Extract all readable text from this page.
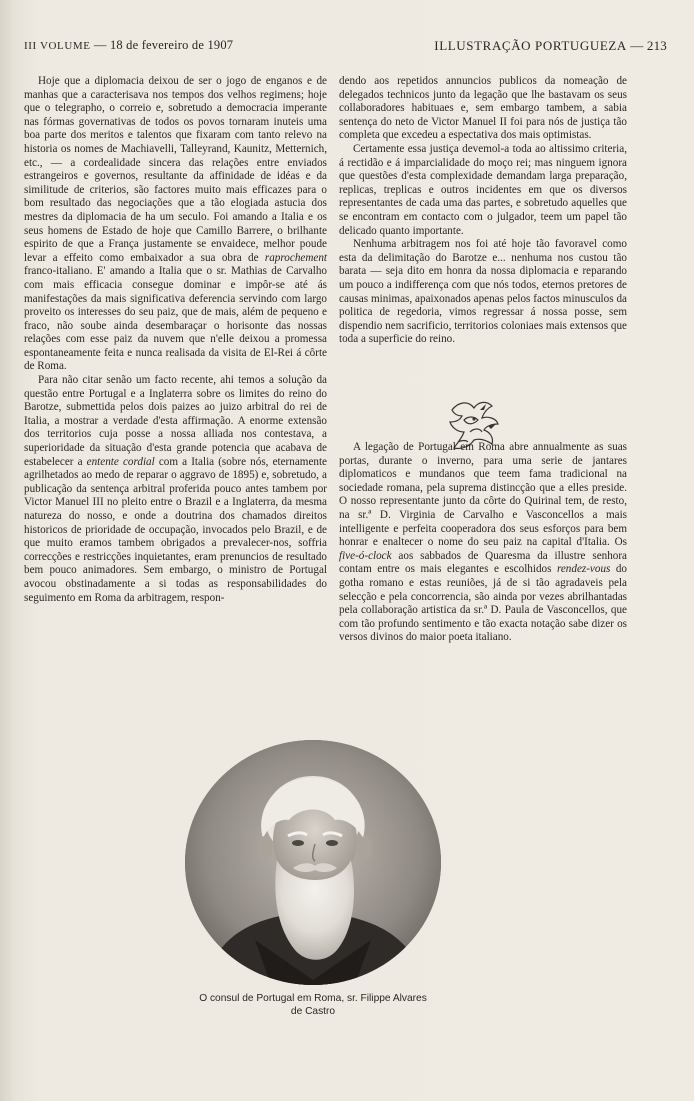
III VOLUME — 18 de fevereiro de 1907	ILLUSTRAÇÃO PORTUGUEZA — 213

Hoje que a diplomacia deixou de ser o jogo de enganos e de manhas que a caracterisava nos tempos dos velhos regimens; hoje que o telegrapho, o correio e, sobretudo a democracia imperante nas fórmas governativas de todos os povos tornaram inuteis uma boa parte dos meritos e talentos que fixaram com tanto relevo na historia os nomes de Machiavelli, Talleyrand, Kaunitz, Metternich, etc., — a cordealidade sincera das relações entre enviados estrangeiros e governos, resultante da affinidade de idéas e da similitude de criterios, são factores muito mais efficazes para o bom resultado das negociações que a tão elogiada astucia dos mestres da diplomacia de ha um seculo. Foi amando a Italia e os seus homens de Estado de hoje que Camillo Barrere, o brilhante espirito de que a França justamente se envaidece, melhor poude levar a effeito como embaixador a sua obra de raprochement franco-italiano. E' amando a Italia que o sr. Mathias de Carvalho com mais efficacia consegue dominar e impôr-se até ás manifestações da mais significativa deferencia servindo com largo proveito os interesses do seu paiz, que de mais, além de pequeno e fraco, não soube ainda desembaraçar o horisonte das nossas relações com esse paiz da nuvem que n'elle deixou a promessa espontaneamente feita e nunca realisada da visita de El-Rei á côrte de Roma.

Para não citar senão um facto recente, ahi temos a solução da questão entre Portugal e a Inglaterra sobre os limites do reino do Barotze, submettida pelos dois paizes ao juizo arbitral do rei de Italia, a mostrar a verdade d'esta affirmação. A enorme extensão dos territorios cuja posse a nossa alliada nos contestava, a superioridade da situação d'esta grande potencia que acabava de estabelecer a entente cordial com a Italia (sobre nós, eternamente agrilhetados ao medo de reparar o aggravo de 1895) e, sobretudo, a publicação da sentença arbitral proferida pouco antes tambem por Victor Manuel III no pleito entre o Brazil e a Inglaterra, da mesma natureza do nosso, e onde a doutrina dos chamados direitos historicos de prioridade de occupação, invocados pelo Brazil, e de que muito eramos tambem obrigados a prevalecer-nos, soffria correcções e restricções inquietantes, eram prenuncios de resultado bem pouco animadores. Sem embargo, o ministro de Portugal avocou obstinadamente a si todas as responsabilidades do seguimento em Roma da arbitragem, respon-

dendo aos repetidos annuncios publicos da nomeação de delegados technicos junto da legação que lhe bastavam os seus collaboradores habituaes e, sem embargo tambem, a sabia sentença do neto de Victor Manuel II foi para nós de justiça tão completa que excedeu a espectativa dos mais optimistas.

Certamente essa justiça devemol-a toda ao altissimo criteria, á rectidão e á imparcialidade do moço rei; mas ninguem ignora que questões d'esta complexidade demandam larga preparação, replicas, treplicas e outros incidentes em que os diversos representantes de cada uma das partes, e sobretudo aquelles que se encontram em contacto com o julgador, teem um papel tão delicado quanto importante.

Nenhuma arbitragem nos foi até hoje tão favoravel como esta da delimitação do Barotze e... nenhuma nos custou tão barata — seja dito em honra da nossa diplomacia e reparando um pouco a indifferença com que nós todos, eternos pretores de causas minimas, apaixonados apenas pelos factos minusculos da politica de regedoria, vimos regressar á nossa posse, sem dispendio nem sacrificio, territorios coloniaes mais extensos que toda a superficie do reino.

A legação de Portugal em Roma abre annualmente as suas portas, durante o inverno, para uma serie de jantares diplomaticos e mundanos que teem fama tradicional na sociedade romana, pela suprema distincção que a elles preside. O nosso representante junto da côrte do Quirinal tem, de resto, na sr.ª D. Virginia de Carvalho e Vasconcellos a mais intelligente e perfeita cooperadora dos seus esforços para bem honrar e enaltecer o nome do seu paiz na capital d'Italia. Os five-ó-clock aos sabbados de Quaresma da illustre senhora contam entre os mais elegantes e escolhidos rendez-vous do gotha romano e estas reuniões, já de si tão agradaveis pela selecção e pela concorrencia, são ainda por vezes abrilhantadas pela collaboração artistica da sr.ª D. Paula de Vasconcellos, que com tão profundo sentimento e tão exacta notação sabe dizer os versos divinos do maior poeta italiano.

O consul de Portugal em Roma, sr. Filippe Alvares
de Castro
